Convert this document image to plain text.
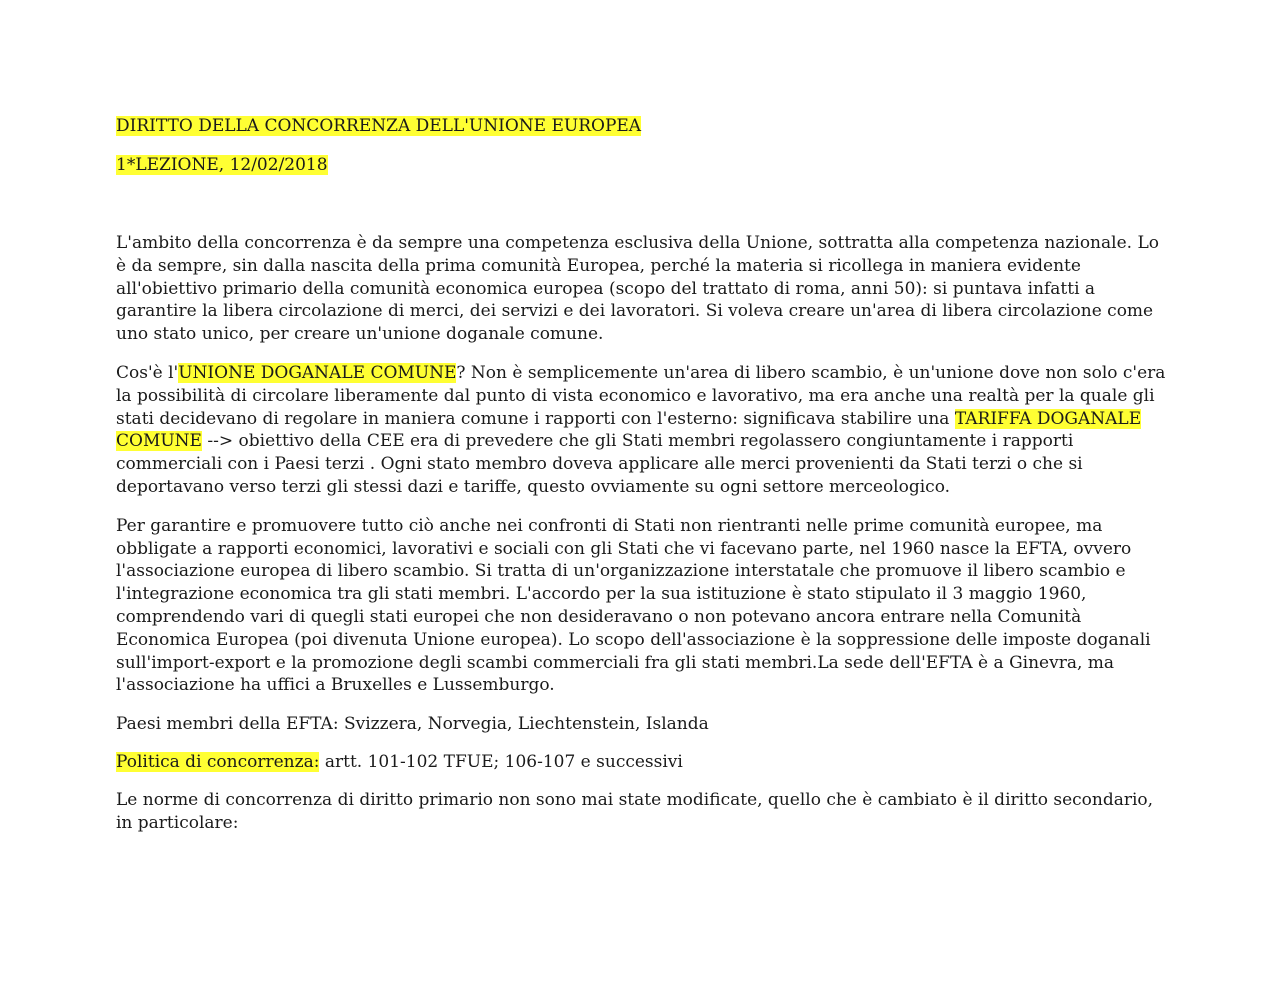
DIRITTO DELLA CONCORRENZA DELL'UNIONE EUROPEA

1*LEZIONE, 12/02/2018

L'ambito della concorrenza è da sempre una competenza esclusiva della Unione, sottratta alla competenza nazionale. Lo è da sempre, sin dalla nascita della prima comunità Europea, perché la materia si ricollega in maniera evidente all'obiettivo primario della comunità economica europea (scopo del trattato di roma, anni 50): si puntava infatti a garantire la libera circolazione di merci, dei servizi e dei lavoratori. Si voleva creare un'area di libera circolazione come uno stato unico, per creare un'unione doganale comune.

Cos'è l'UNIONE DOGANALE COMUNE? Non è semplicemente un'area di libero scambio, è un'unione dove non solo c'era la possibilità di circolare liberamente dal punto di vista economico e lavorativo, ma era anche una realtà per la quale gli stati decidevano di regolare in maniera comune i rapporti con l'esterno: significava stabilire una TARIFFA DOGANALE COMUNE --> obiettivo della CEE era di prevedere che gli Stati membri regolassero congiuntamente i rapporti commerciali con i Paesi terzi . Ogni stato membro doveva applicare alle merci provenienti da Stati terzi o che si deportavano verso terzi gli stessi dazi e tariffe, questo ovviamente su ogni settore merceologico.

Per garantire e promuovere tutto ciò anche nei confronti di Stati non rientranti nelle prime comunità europee, ma obbligate a rapporti economici, lavorativi e sociali con gli Stati che vi facevano parte, nel 1960 nasce la EFTA, ovvero l'associazione europea di libero scambio. Si tratta di un'organizzazione interstatale che promuove il libero scambio e l'integrazione economica tra gli stati membri. L'accordo per la sua istituzione è stato stipulato il 3 maggio 1960, comprendendo vari di quegli stati europei che non desideravano o non potevano ancora entrare nella Comunità Economica Europea (poi divenuta Unione europea). Lo scopo dell'associazione è la soppressione delle imposte doganali sull'import-export e la promozione degli scambi commerciali fra gli stati membri.La sede dell'EFTA è a Ginevra, ma l'associazione ha uffici a Bruxelles e Lussemburgo.

Paesi membri della EFTA: Svizzera, Norvegia, Liechtenstein, Islanda

Politica di concorrenza: artt. 101-102 TFUE; 106-107 e successivi

Le norme di concorrenza di diritto primario non sono mai state modificate, quello che è cambiato è il diritto secondario, in particolare:
